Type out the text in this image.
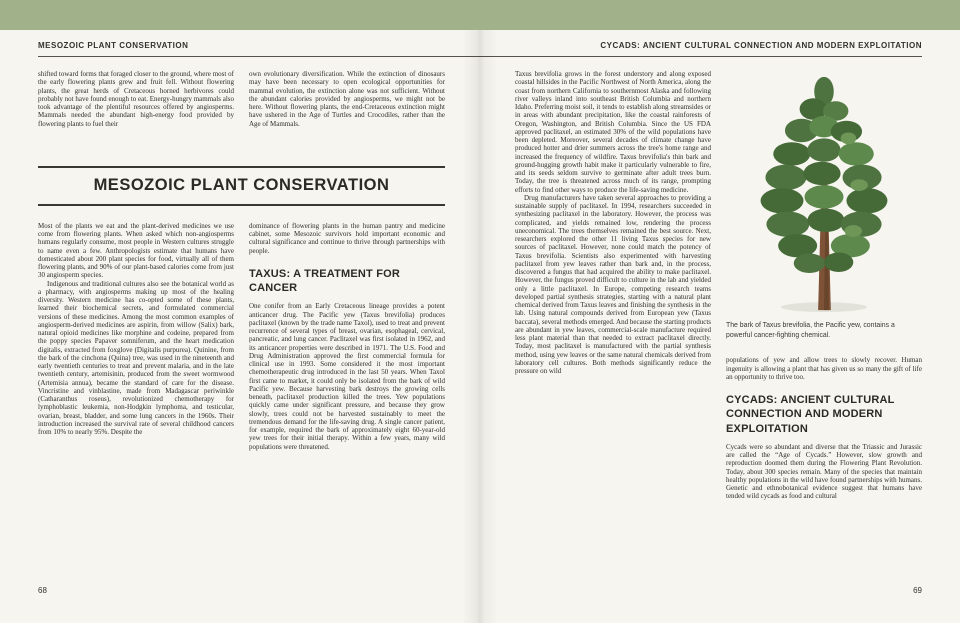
MESOZOIC PLANT CONSERVATION	CYCADS: ANCIENT CULTURAL CONNECTION AND MODERN EXPLOITATION

shifted toward forms that foraged closer to the ground, where most of the early flowering plants grew and fruit fell. Without flowering plants, the great herds of Cretaceous horned herbivores could probably not have found enough to eat. Energy-hungry mammals also took advantage of the plentiful resources offered by angiosperms. Mammals needed the abundant high-energy food provided by flowering plants to fuel their

own evolutionary diversification. While the extinction of dinosaurs may have been necessary to open ecological opportunities for mammal evolution, the extinction alone was not sufficient. Without the abundant calories provided by angiosperms, we might not be here. Without flowering plants, the end-Cretaceous extinction might have ushered in the Age of Turtles and Crocodiles, rather than the Age of Mammals.

MESOZOIC PLANT CONSERVATION

Most of the plants we eat and the plant-derived medicines we use come from flowering plants. When asked which non-angiosperms humans regularly consume, most people in Western cultures struggle to name even a few. Anthropologists estimate that humans have domesticated about 200 plant species for food, virtually all of them flowering plants, and 90% of our plant-based calories come from just 30 angiosperm species.

Indigenous and traditional cultures also see the botanical world as a pharmacy, with angiosperms making up most of the healing diversity. Western medicine has co-opted some of these plants, learned their biochemical secrets, and formulated commercial versions of these medicines. Among the most common examples of angiosperm-derived medicines are aspirin, from willow (Salix) bark, natural opioid medicines like morphine and codeine, prepared from the poppy species Papaver somniferum, and the heart medication digitalis, extracted from foxglove (Digitalis purpurea). Quinine, from the bark of the cinchona (Quina) tree, was used in the nineteenth and early twentieth centuries to treat and prevent malaria, and in the late twentieth century, artemisinin, produced from the sweet wormwood (Artemisia annua), became the standard of care for the disease. Vincristine and vinblastine, made from Madagascar periwinkle (Catharanthus roseus), revolutionized chemotherapy for lymphoblastic leukemia, non-Hodgkin lymphoma, and testicular, ovarian, breast, bladder, and some lung cancers in the 1960s. Their introduction increased the survival rate of several childhood cancers from 10% to nearly 95%. Despite the

dominance of flowering plants in the human pantry and medicine cabinet, some Mesozoic survivors hold important economic and cultural significance and continue to thrive through partnerships with people.

TAXUS: A TREATMENT FOR CANCER

One conifer from an Early Cretaceous lineage provides a potent anticancer drug. The Pacific yew (Taxus brevifolia) produces paclitaxel (known by the trade name Taxol), used to treat and prevent recurrence of several types of breast, ovarian, esophageal, cervical, pancreatic, and lung cancer. Paclitaxel was first isolated in 1962, and its anticancer properties were described in 1971. The U.S. Food and Drug Administration approved the first commercial formula for clinical use in 1993. Some considered it the most important chemotherapeutic drug introduced in the last 50 years. When Taxol first came to market, it could only be isolated from the bark of wild Pacific yew. Because harvesting bark destroys the growing cells beneath, paclitaxel production killed the trees. Yew populations quickly came under significant pressure, and because they grow slowly, trees could not be harvested sustainably to meet the tremendous demand for the life-saving drug. A single cancer patient, for example, required the bark of approximately eight 60-year-old yew trees for their initial therapy. Within a few years, many wild populations were threatened.

Taxus brevifolia grows in the forest understory and along exposed coastal hillsides in the Pacific Northwest of North America, along the coast from northern California to southernmost Alaska and following river valleys inland into southeast British Columbia and northern Idaho. Preferring moist soil, it tends to establish along streamsides or in areas with abundant precipitation, like the coastal rainforests of Oregon, Washington, and British Columbia. Since the US FDA approved paclitaxel, an estimated 30% of the wild populations have been depleted. Moreover, several decades of climate change have produced hotter and drier summers across the tree's home range and increased the frequency of wildfire. Taxus brevifolia's thin bark and ground-hugging growth habit make it particularly vulnerable to fire, and its seeds seldom survive to germinate after adult trees burn. Today, the tree is threatened across much of its range, prompting efforts to find other ways to produce the life-saving medicine.

Drug manufacturers have taken several approaches to providing a sustainable supply of paclitaxel. In 1994, researchers succeeded in synthesizing paclitaxel in the laboratory. However, the process was complicated, and yields remained low, rendering the process uneconomical. The trees themselves remained the best source. Next, researchers explored the other 11 living Taxus species for new sources of paclitaxel. However, none could match the potency of Taxus brevifolia. Scientists also experimented with harvesting paclitaxel from yew leaves rather than bark and, in the process, discovered a fungus that had acquired the ability to make paclitaxel. However, the fungus proved difficult to culture in the lab and yielded only a little paclitaxel. In Europe, competing research teams developed partial synthesis strategies, starting with a natural plant chemical derived from Taxus leaves and finishing the synthesis in the lab. Using natural compounds derived from European yew (Taxus baccata), several methods emerged. And because the starting products are abundant in yew leaves, commercial-scale manufacture required less plant material than that needed to extract paclitaxel directly. Today, most paclitaxel is manufactured with the partial synthesis method, using yew leaves or the same natural chemicals derived from laboratory cell cultures. Both methods significantly reduce the pressure on wild

The bark of Taxus brevifolia, the Pacific yew, contains a powerful cancer-fighting chemical.

populations of yew and allow trees to slowly recover. Human ingenuity is allowing a plant that has given us so many the gift of life an opportunity to thrive too.

CYCADS: ANCIENT CULTURAL CONNECTION AND MODERN EXPLOITATION

Cycads were so abundant and diverse that the Triassic and Jurassic are called the “Age of Cycads.” However, slow growth and reproduction doomed them during the Flowering Plant Revolution. Today, about 300 species remain. Many of the species that maintain healthy populations in the wild have found partnerships with humans. Genetic and ethnobotanical evidence suggest that humans have tended wild cycads as food and cultural

68	69
